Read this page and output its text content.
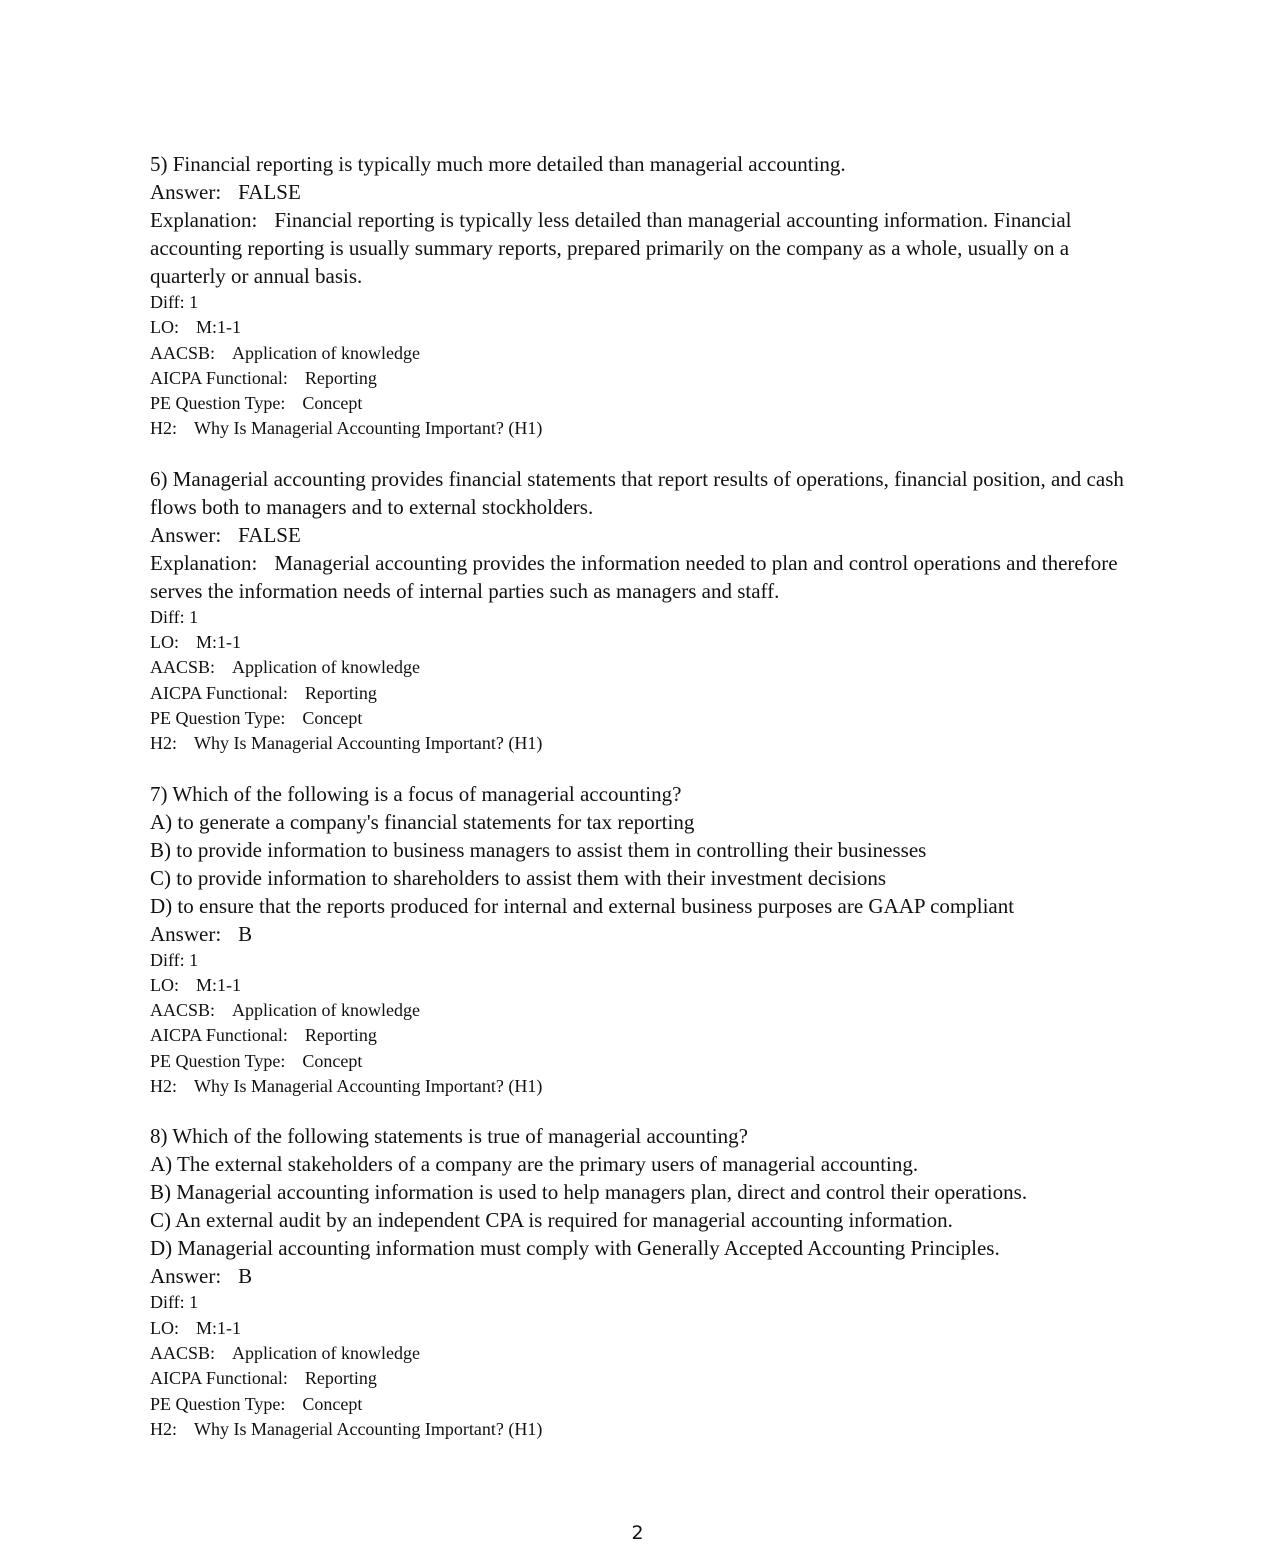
5) Financial reporting is typically much more detailed than managerial accounting.
Answer: FALSE
Explanation: Financial reporting is typically less detailed than managerial accounting information. Financial accounting reporting is usually summary reports, prepared primarily on the company as a whole, usually on a quarterly or annual basis.
Diff: 1
LO: M:1-1
AACSB: Application of knowledge
AICPA Functional: Reporting
PE Question Type: Concept
H2: Why Is Managerial Accounting Important? (H1)
6) Managerial accounting provides financial statements that report results of operations, financial position, and cash flows both to managers and to external stockholders.
Answer: FALSE
Explanation: Managerial accounting provides the information needed to plan and control operations and therefore serves the information needs of internal parties such as managers and staff.
Diff: 1
LO: M:1-1
AACSB: Application of knowledge
AICPA Functional: Reporting
PE Question Type: Concept
H2: Why Is Managerial Accounting Important? (H1)
7) Which of the following is a focus of managerial accounting?
A) to generate a company's financial statements for tax reporting
B) to provide information to business managers to assist them in controlling their businesses
C) to provide information to shareholders to assist them with their investment decisions
D) to ensure that the reports produced for internal and external business purposes are GAAP compliant
Answer: B
Diff: 1
LO: M:1-1
AACSB: Application of knowledge
AICPA Functional: Reporting
PE Question Type: Concept
H2: Why Is Managerial Accounting Important? (H1)
8) Which of the following statements is true of managerial accounting?
A) The external stakeholders of a company are the primary users of managerial accounting.
B) Managerial accounting information is used to help managers plan, direct and control their operations.
C) An external audit by an independent CPA is required for managerial accounting information.
D) Managerial accounting information must comply with Generally Accepted Accounting Principles.
Answer: B
Diff: 1
LO: M:1-1
AACSB: Application of knowledge
AICPA Functional: Reporting
PE Question Type: Concept
H2: Why Is Managerial Accounting Important? (H1)
2
